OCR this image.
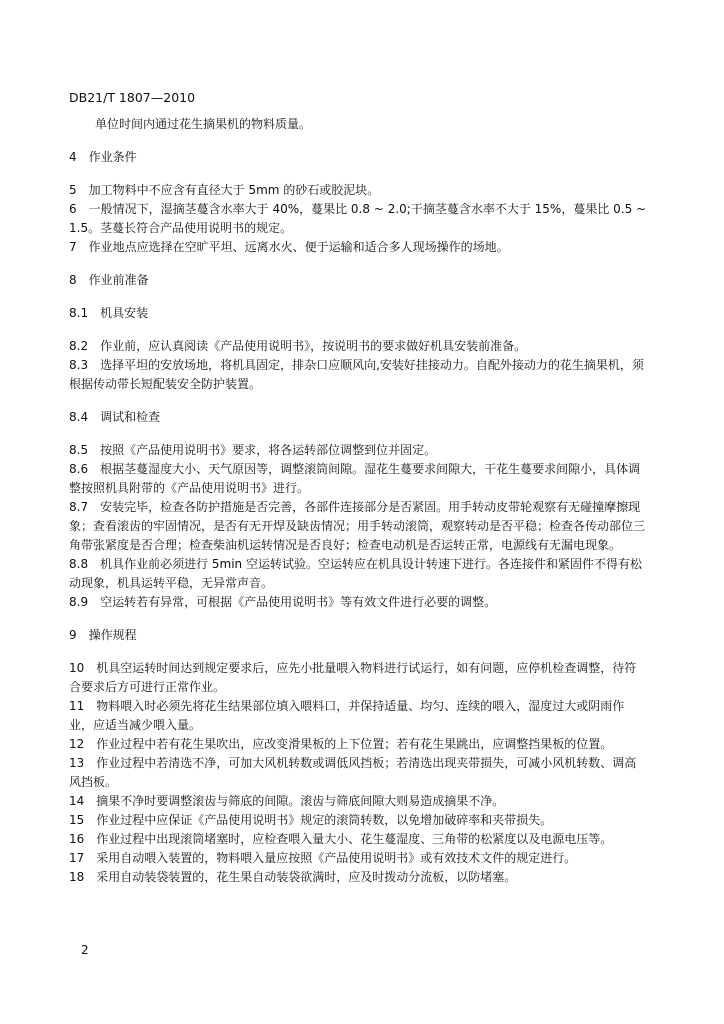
DB21/T 1807—2010

单位时间内通过花生摘果机的物料质量。

4　作业条件

5　加工物料中不应含有直径大于 5mm 的砂石或胶泥块。

6　一般情况下，湿摘茎蔓含水率大于 40%，蔓果比 0.8 ~ 2.0;干摘茎蔓含水率不大于 15%，蔓果比 0.5 ~ 1.5。茎蔓长符合产品使用说明书的规定。

7　作业地点应选择在空旷平坦、远离水火、便于运输和适合多人现场操作的场地。

8　作业前准备

8.1　机具安装

8.2　作业前，应认真阅读《产品使用说明书》，按说明书的要求做好机具安装前准备。

8.3　选择平坦的安放场地，将机具固定，排杂口应顺风向,安装好挂接动力。自配外接动力的花生摘果机，须根据传动带长短配装安全防护装置。

8.4　调试和检查

8.5　按照《产品使用说明书》要求，将各运转部位调整到位并固定。

8.6　根据茎蔓湿度大小、天气原因等，调整滚筒间隙。湿花生蔓要求间隙大，干花生蔓要求间隙小，具体调整按照机具附带的《产品使用说明书》进行。

8.7　安装完毕，检查各防护措施是否完善，各部件连接部分是否紧固。用手转动皮带轮观察有无碰撞摩擦现象；查看滚齿的牢固情况，是否有无开焊及缺齿情况；用手转动滚筒，观察转动是否平稳；检查各传动部位三角带张紧度是否合理；检查柴油机运转情况是否良好；检查电动机是否运转正常，电源线有无漏电现象。

8.8　机具作业前必须进行 5min 空运转试验。空运转应在机具设计转速下进行。各连接件和紧固件不得有松动现象，机具运转平稳，无异常声音。

8.9　空运转若有异常，可根据《产品使用说明书》等有效文件进行必要的调整。

9　操作规程

10　机具空运转时间达到规定要求后，应先小批量喂入物料进行试运行，如有问题，应停机检查调整，待符合要求后方可进行正常作业。

11　物料喂入时必须先将花生结果部位填入喂料口，并保持适量、均匀、连续的喂入，湿度过大或阴雨作业，应适当减少喂入量。

12　作业过程中若有花生果吹出，应改变滑果板的上下位置；若有花生果跳出，应调整挡果板的位置。

13　作业过程中若清选不净，可加大风机转数或调低风挡板；若清选出现夹带损失，可减小风机转数、调高风挡板。

14　摘果不净时要调整滚齿与筛底的间隙。滚齿与筛底间隙大则易造成摘果不净。

15　作业过程中应保证《产品使用说明书》规定的滚筒转数，以免增加破碎率和夹带损失。

16　作业过程中出现滚筒堵塞时，应检查喂入量大小、花生蔓湿度、三角带的松紧度以及电源电压等。

17　采用自动喂入装置的，物料喂入量应按照《产品使用说明书》或有效技术文件的规定进行。

18　采用自动装袋装置的，花生果自动装袋欲满时，应及时拨动分流板，以防堵塞。

2
